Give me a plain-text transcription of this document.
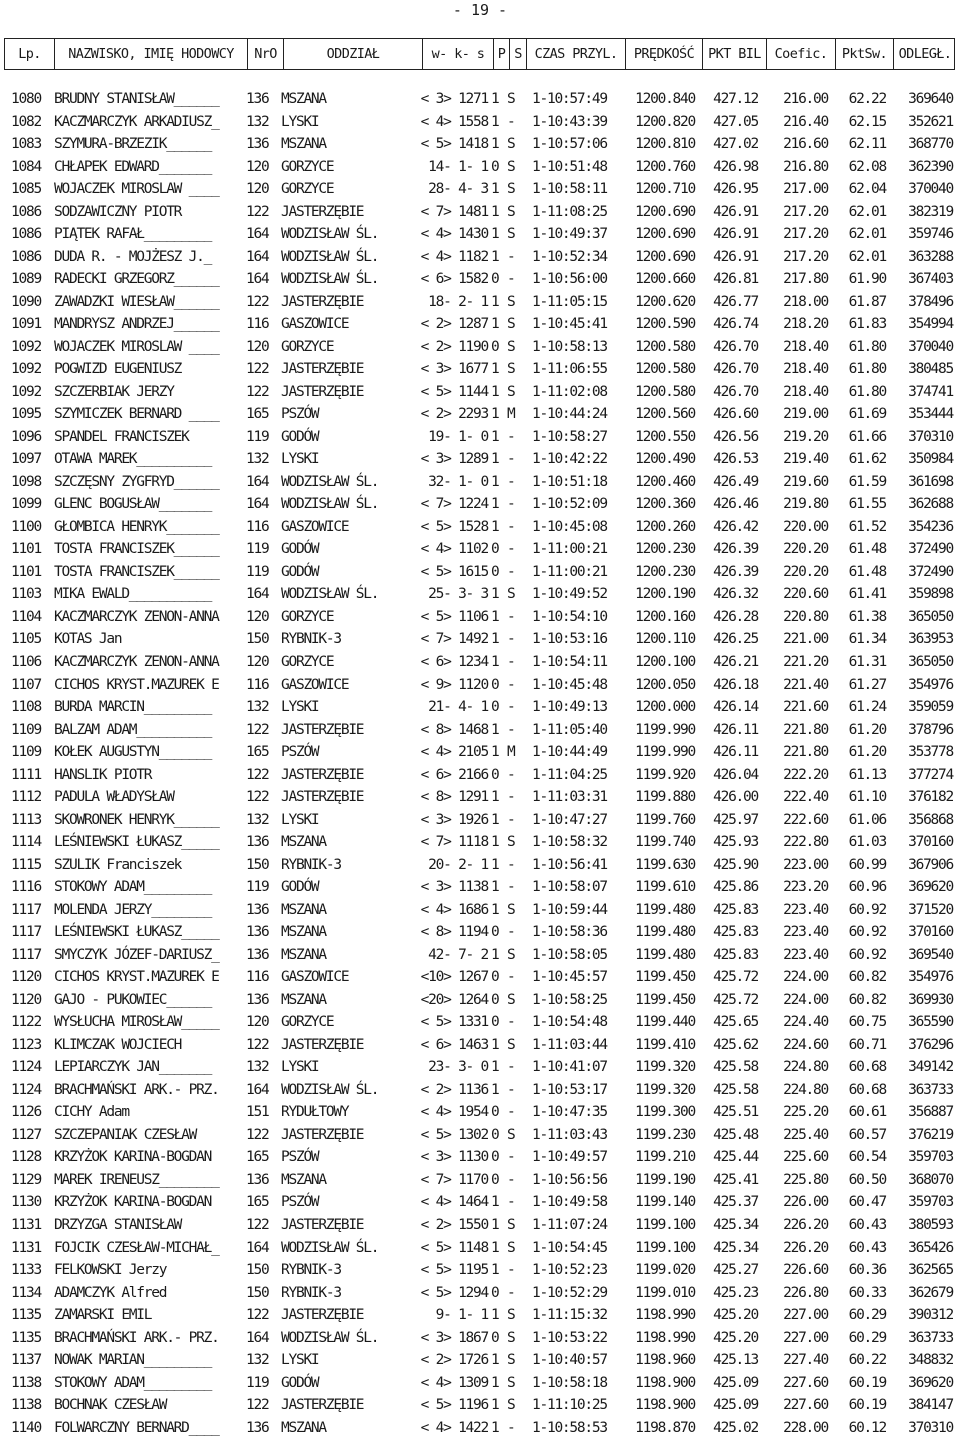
- 19 -
Lp.	NAZWISKO, IMIĘ HODOWCY	NrO	ODDZIAŁ	w- k- s P S CZAS PRZYL.	PRĘDKOŚĆ	PKT BIL	Coefic.	PktSw. ODLEGŁ.
1080 BRUDNY STANISŁAW______	136 MSZANA	< 3> 1271 1 S	1-10:57:49	1200.840	427.12	216.00	62.22	369640
1082 KACZMARCZYK ARKADIUSZ_	132 LYSKI	< 4> 1558 1 -	1-10:43:39	1200.820	427.05	216.40	62.15	352621
1083 SZYMURA-BRZEZIK______	136 MSZANA	< 5> 1418 1 S	1-10:57:06	1200.810	427.02	216.60	62.11	368770
1084 CHŁAPEK EDWARD_______	120 GORZYCE	14- 1- 1 0 S	1-10:51:48	1200.760	426.98	216.80	62.08	362390
1085 WOJACZEK MIROSLAW ____	120 GORZYCE	28- 4- 3 1 S	1-10:58:11	1200.710	426.95	217.00	62.04	370040
1086 SODZAWICZNY PIOTR	122 JASTERZĘBIE	< 7> 1481 1 S	1-11:08:25	1200.690	426.91	217.20	62.01	382319
1086 PIĄTEK RAFAŁ_________	164 WODZISŁAW ŚL.	< 4> 1430 1 S	1-10:49:37	1200.690	426.91	217.20	62.01	359746
1086 DUDA R. - MOJŻESZ J._	164 WODZISŁAW ŚL.	< 4> 1182 1 -	1-10:52:34	1200.690	426.91	217.20	62.01	363288
1089 RADECKI GRZEGORZ______	164 WODZISŁAW ŚL.	< 6> 1582 0 -	1-10:56:00	1200.660	426.81	217.80	61.90	367403
1090 ZAWADZKI WIESŁAW______	122 JASTERZĘBIE	18- 2- 1 1 S	1-11:05:15	1200.620	426.77	218.00	61.87	378496
1091 MANDRYSZ ANDRZEJ______	116 GASZOWICE	< 2> 1287 1 S	1-10:45:41	1200.590	426.74	218.20	61.83	354994
1092 WOJACZEK MIROSLAW ____	120 GORZYCE	< 2> 1190 0 S	1-10:58:13	1200.580	426.70	218.40	61.80	370040
1092 POGWIZD EUGENIUSZ	122 JASTERZĘBIE	< 3> 1677 1 S	1-11:06:55	1200.580	426.70	218.40	61.80	380485
1092 SZCZERBIAK JERZY	122 JASTERZĘBIE	< 5> 1144 1 S	1-11:02:08	1200.580	426.70	218.40	61.80	374741
1095 SZYMICZEK BERNARD ____	165 PSZÓW	< 2> 2293 1 M	1-10:44:24	1200.560	426.60	219.00	61.69	353444
1096 SPANDEL FRANCISZEK	119 GODÓW	19- 1- 0 1 -	1-10:58:27	1200.550	426.56	219.20	61.66	370310
1097 OTAWA MAREK__________	132 LYSKI	< 3> 1289 1 -	1-10:42:22	1200.490	426.53	219.40	61.62	350984
1098 SZCZĘSNY ZYGFRYD______	164 WODZISŁAW ŚL.	32- 1- 0 1 -	1-10:51:18	1200.460	426.49	219.60	61.59	361698
1099 GLENC BOGUSŁAW_______	164 WODZISŁAW ŚL.	< 7> 1224 1 -	1-10:52:09	1200.360	426.46	219.80	61.55	362688
1100 GŁOMBICA HENRYK_______	116 GASZOWICE	< 5> 1528 1 -	1-10:45:08	1200.260	426.42	220.00	61.52	354236
1101 TOSTA FRANCISZEK______	119 GODÓW	< 4> 1102 0 -	1-11:00:21	1200.230	426.39	220.20	61.48	372490
1101 TOSTA FRANCISZEK______	119 GODÓW	< 5> 1615 0 -	1-11:00:21	1200.230	426.39	220.20	61.48	372490
1103 MIKA EWALD___________	164 WODZISŁAW ŚL.	25- 3- 3 1 S	1-10:49:52	1200.190	426.32	220.60	61.41	359898
1104 KACZMARCZYK ZENON-ANNA	120 GORZYCE	< 5> 1106 1 -	1-10:54:10	1200.160	426.28	220.80	61.38	365050
1105 KOTAS Jan	150 RYBNIK-3	< 7> 1492 1 -	1-10:53:16	1200.110	426.25	221.00	61.34	363953
1106 KACZMARCZYK ZENON-ANNA	120 GORZYCE	< 6> 1234 1 -	1-10:54:11	1200.100	426.21	221.20	61.31	365050
1107 CICHOS KRYST.MAZUREK E	116 GASZOWICE	< 9> 1120 0 -	1-10:45:48	1200.050	426.18	221.40	61.27	354976
1108 BURDA MARCIN_________	132 LYSKI	21- 4- 1 0 -	1-10:49:13	1200.000	426.14	221.60	61.24	359059
1109 BALZAM ADAM__________	122 JASTERZĘBIE	< 8> 1468 1 -	1-11:05:40	1199.990	426.11	221.80	61.20	378796
1109 KOŁEK AUGUSTYN_______	165 PSZÓW	< 4> 2105 1 M	1-10:44:49	1199.990	426.11	221.80	61.20	353778
1111 HANSLIK PIOTR	122 JASTERZĘBIE	< 6> 2166 0 -	1-11:04:25	1199.920	426.04	222.20	61.13	377274
1112 PADULA WŁADYSŁAW	122 JASTERZĘBIE	< 8> 1291 1 -	1-11:03:31	1199.880	426.00	222.40	61.10	376182
1113 SKOWRONEK HENRYK______	132 LYSKI	< 3> 1926 1 -	1-10:47:27	1199.760	425.97	222.60	61.06	356868
1114 LEŚNIEWSKI ŁUKASZ_____	136 MSZANA	< 7> 1118 1 S	1-10:58:32	1199.740	425.93	222.80	61.03	370160
1115 SZULIK Franciszek	150 RYBNIK-3	20- 2- 1 1 -	1-10:56:41	1199.630	425.90	223.00	60.99	367906
1116 STOKOWY ADAM_________	119 GODÓW	< 3> 1138 1 -	1-10:58:07	1199.610	425.86	223.20	60.96	369620
1117 MOLENDA JERZY________	136 MSZANA	< 4> 1686 1 S	1-10:59:44	1199.480	425.83	223.40	60.92	371520
1117 LEŚNIEWSKI ŁUKASZ_____	136 MSZANA	< 8> 1194 0 -	1-10:58:36	1199.480	425.83	223.40	60.92	370160
1117 SMYCZYK JÓZEF-DARIUSZ_	136 MSZANA	42- 7- 2 1 S	1-10:58:05	1199.480	425.83	223.40	60.92	369540
1120 CICHOS KRYST.MAZUREK E	116 GASZOWICE	<10> 1267 0 -	1-10:45:57	1199.450	425.72	224.00	60.82	354976
1120 GAJO - PUKOWIEC______	136 MSZANA	<20> 1264 0 S	1-10:58:25	1199.450	425.72	224.00	60.82	369930
1122 WYSŁUCHA MIROSŁAW_____	120 GORZYCE	< 5> 1331 0 -	1-10:54:48	1199.440	425.65	224.40	60.75	365590
1123 KLIMCZAK WOJCIECH	122 JASTERZĘBIE	< 6> 1463 1 S	1-11:03:44	1199.410	425.62	224.60	60.71	376296
1124 LEPIARCZYK JAN_______	132 LYSKI	23- 3- 0 1 -	1-10:41:07	1199.320	425.58	224.80	60.68	349142
1124 BRACHMAŃSKI ARK.- PRZ.	164 WODZISŁAW ŚL.	< 2> 1136 1 -	1-10:53:17	1199.320	425.58	224.80	60.68	363733
1126 CICHY Adam	151 RYDUŁTOWY	< 4> 1954 0 -	1-10:47:35	1199.300	425.51	225.20	60.61	356887
1127 SZCZEPANIAK CZESŁAW	122 JASTERZĘBIE	< 5> 1302 0 S	1-11:03:43	1199.230	425.48	225.40	60.57	376219
1128 KRZYŻOK KARINA-BOGDAN	165 PSZÓW	< 3> 1130 0 -	1-10:49:57	1199.210	425.44	225.60	60.54	359703
1129 MAREK IRENEUSZ________	136 MSZANA	< 7> 1170 0 -	1-10:56:56	1199.190	425.41	225.80	60.50	368070
1130 KRZYŻOK KARINA-BOGDAN	165 PSZÓW	< 4> 1464 1 -	1-10:49:58	1199.140	425.37	226.00	60.47	359703
1131 DRZYZGA STANISŁAW	122 JASTERZĘBIE	< 2> 1550 1 S	1-11:07:24	1199.100	425.34	226.20	60.43	380593
1131 FOJCIK CZESŁAW-MICHAŁ_	164 WODZISŁAW ŚL.	< 5> 1148 1 S	1-10:54:45	1199.100	425.34	226.20	60.43	365426
1133 FELKOWSKI Jerzy	150 RYBNIK-3	< 5> 1195 1 -	1-10:52:23	1199.020	425.27	226.60	60.36	362565
1134 ADAMCZYK Alfred	150 RYBNIK-3	< 5> 1294 0 -	1-10:52:29	1199.010	425.23	226.80	60.33	362679
1135 ZAMARSKI EMIL	122 JASTERZĘBIE	9- 1- 1 1 S	1-11:15:32	1198.990	425.20	227.00	60.29	390312
1135 BRACHMAŃSKI ARK.- PRZ.	164 WODZISŁAW ŚL.	< 3> 1867 0 S	1-10:53:22	1198.990	425.20	227.00	60.29	363733
1137 NOWAK MARIAN_________	132 LYSKI	< 2> 1726 1 S	1-10:40:57	1198.960	425.13	227.40	60.22	348832
1138 STOKOWY ADAM_________	119 GODÓW	< 4> 1309 1 S	1-10:58:18	1198.900	425.09	227.60	60.19	369620
1138 BOCHNAK CZESŁAW	122 JASTERZĘBIE	< 5> 1196 1 S	1-11:10:25	1198.900	425.09	227.60	60.19	384147
1140 FOLWARCZNY BERNARD____	136 MSZANA	< 4> 1422 1 -	1-10:58:53	1198.870	425.02	228.00	60.12	370310
